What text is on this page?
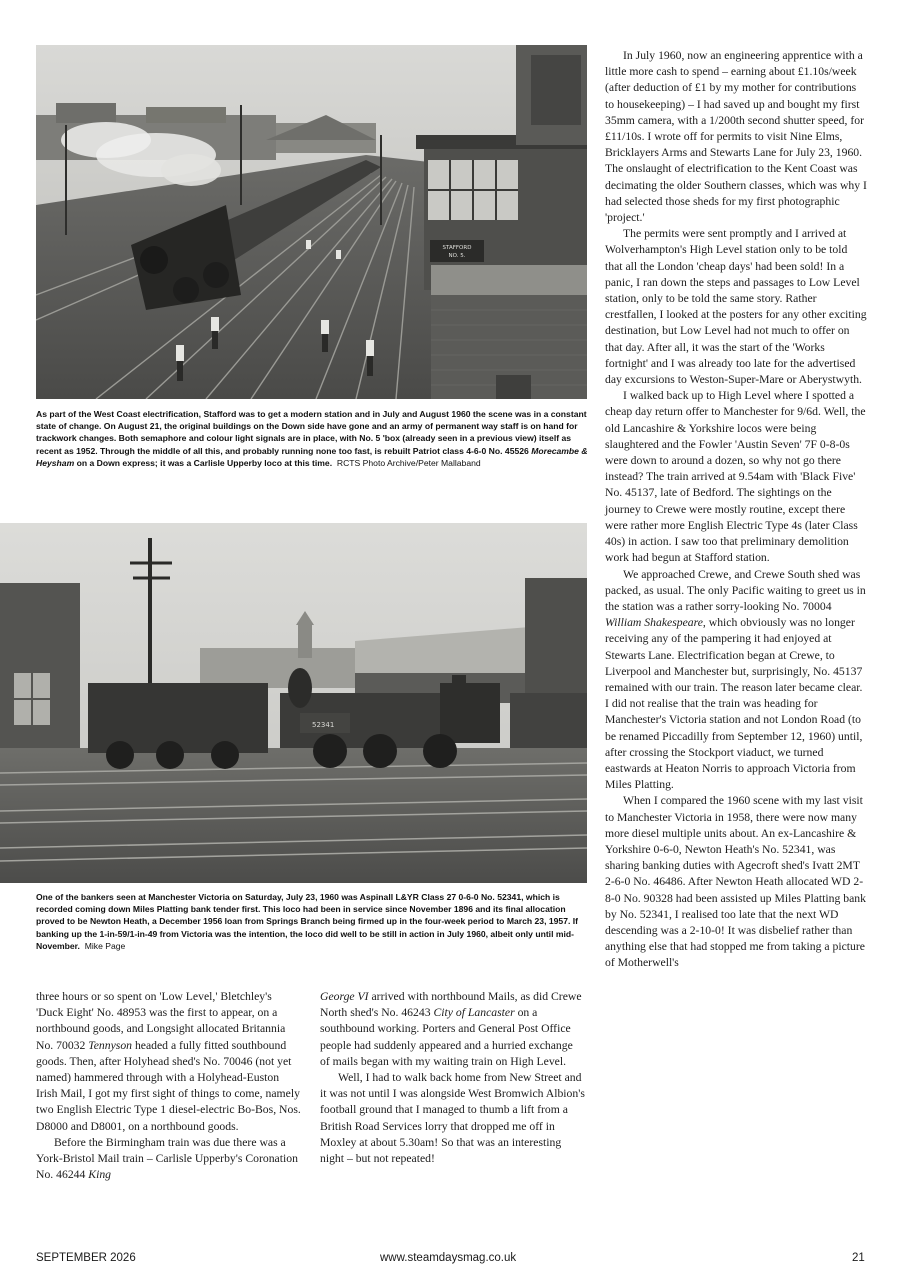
STAFFORD
NO. 5.

As part of the West Coast electrification, Stafford was to get a modern station and in July and August 1960 the scene was in a constant state of change. On August 21, the original buildings on the Down side have gone and an army of permanent way staff is on hand for trackwork changes. Both semaphore and colour light signals are in place, with No. 5 'box (already seen in a previous view) itself as recent as 1952. Through the middle of all this, and probably running none too fast, is rebuilt Patriot class 4-6-0 No. 45526 Morecambe & Heysham on a Down express; it was a Carlisle Upperby loco at this time. RCTS Photo Archive/Peter Mallaband

52341

One of the bankers seen at Manchester Victoria on Saturday, July 23, 1960 was Aspinall L&YR Class 27 0-6-0 No. 52341, which is recorded coming down Miles Platting bank tender first. This loco had been in service since November 1896 and its final allocation proved to be Newton Heath, a December 1956 loan from Springs Branch being firmed up in the four-week period to March 23, 1957. If banking up the 1-in-59/1-in-49 from Victoria was the intention, the loco did well to be still in action in July 1960, albeit only until mid-November. Mike Page

In July 1960, now an engineering apprentice with a little more cash to spend – earning about £1.10s/week (after deduction of £1 by my mother for contributions to housekeeping) – I had saved up and bought my first 35mm camera, with a 1/200th second shutter speed, for £11/10s. I wrote off for permits to visit Nine Elms, Bricklayers Arms and Stewarts Lane for July 23, 1960. The onslaught of electrification to the Kent Coast was decimating the older Southern classes, which was why I had selected those sheds for my first photographic 'project.'

The permits were sent promptly and I arrived at Wolverhampton's High Level station only to be told that all the London 'cheap days' had been sold! In a panic, I ran down the steps and passages to Low Level station, only to be told the same story. Rather crestfallen, I looked at the posters for any other exciting destination, but Low Level had not much to offer on that day. After all, it was the start of the 'Works fortnight' and I was already too late for the advertised day excursions to Weston-Super-Mare or Aberystwyth.

I walked back up to High Level where I spotted a cheap day return offer to Manchester for 9/6d. Well, the old Lancashire & Yorkshire locos were being slaughtered and the Fowler 'Austin Seven' 7F 0-8-0s were down to around a dozen, so why not go there instead? The train arrived at 9.54am with 'Black Five' No. 45137, late of Bedford. The sightings on the journey to Crewe were mostly routine, except there were rather more English Electric Type 4s (later Class 40s) in action. I saw too that preliminary demolition work had begun at Stafford station.

We approached Crewe, and Crewe South shed was packed, as usual. The only Pacific waiting to greet us in the station was a rather sorry-looking No. 70004 William Shakespeare, which obviously was no longer receiving any of the pampering it had enjoyed at Stewarts Lane. Electrification began at Crewe, to Liverpool and Manchester but, surprisingly, No. 45137 remained with our train. The reason later became clear. I did not realise that the train was heading for Manchester's Victoria station and not London Road (to be renamed Piccadilly from September 12, 1960) until, after crossing the Stockport viaduct, we turned eastwards at Heaton Norris to approach Victoria from Miles Platting.

When I compared the 1960 scene with my last visit to Manchester Victoria in 1958, there were now many more diesel multiple units about. An ex-Lancashire & Yorkshire 0-6-0, Newton Heath's No. 52341, was sharing banking duties with Agecroft shed's Ivatt 2MT 2-6-0 No. 46486. After Newton Heath allocated WD 2-8-0 No. 90328 had been assisted up Miles Platting bank by No. 52341, I realised too late that the next WD descending was a 2-10-0! It was disbelief rather than anything else that had stopped me from taking a picture of Motherwell's

three hours or so spent on 'Low Level,' Bletchley's 'Duck Eight' No. 48953 was the first to appear, on a northbound goods, and Longsight allocated Britannia No. 70032 Tennyson headed a fully fitted southbound goods. Then, after Holyhead shed's No. 70046 (not yet named) hammered through with a Holyhead-Euston Irish Mail, I got my first sight of things to come, namely two English Electric Type 1 diesel-electric Bo-Bos, Nos. D8000 and D8001, on a northbound goods.

Before the Birmingham train was due there was a York-Bristol Mail train – Carlisle Upperby's Coronation No. 46244 King

George VI arrived with northbound Mails, as did Crewe North shed's No. 46243 City of Lancaster on a southbound working. Porters and General Post Office people had suddenly appeared and a hurried exchange of mails began with my waiting train on High Level.

Well, I had to walk back home from New Street and it was not until I was alongside West Bromwich Albion's football ground that I managed to thumb a lift from a British Road Services lorry that dropped me off in Moxley at about 5.30am! So that was an interesting night – but not repeated!

SEPTEMBER 2026	www.steamdaysmag.co.uk	21
